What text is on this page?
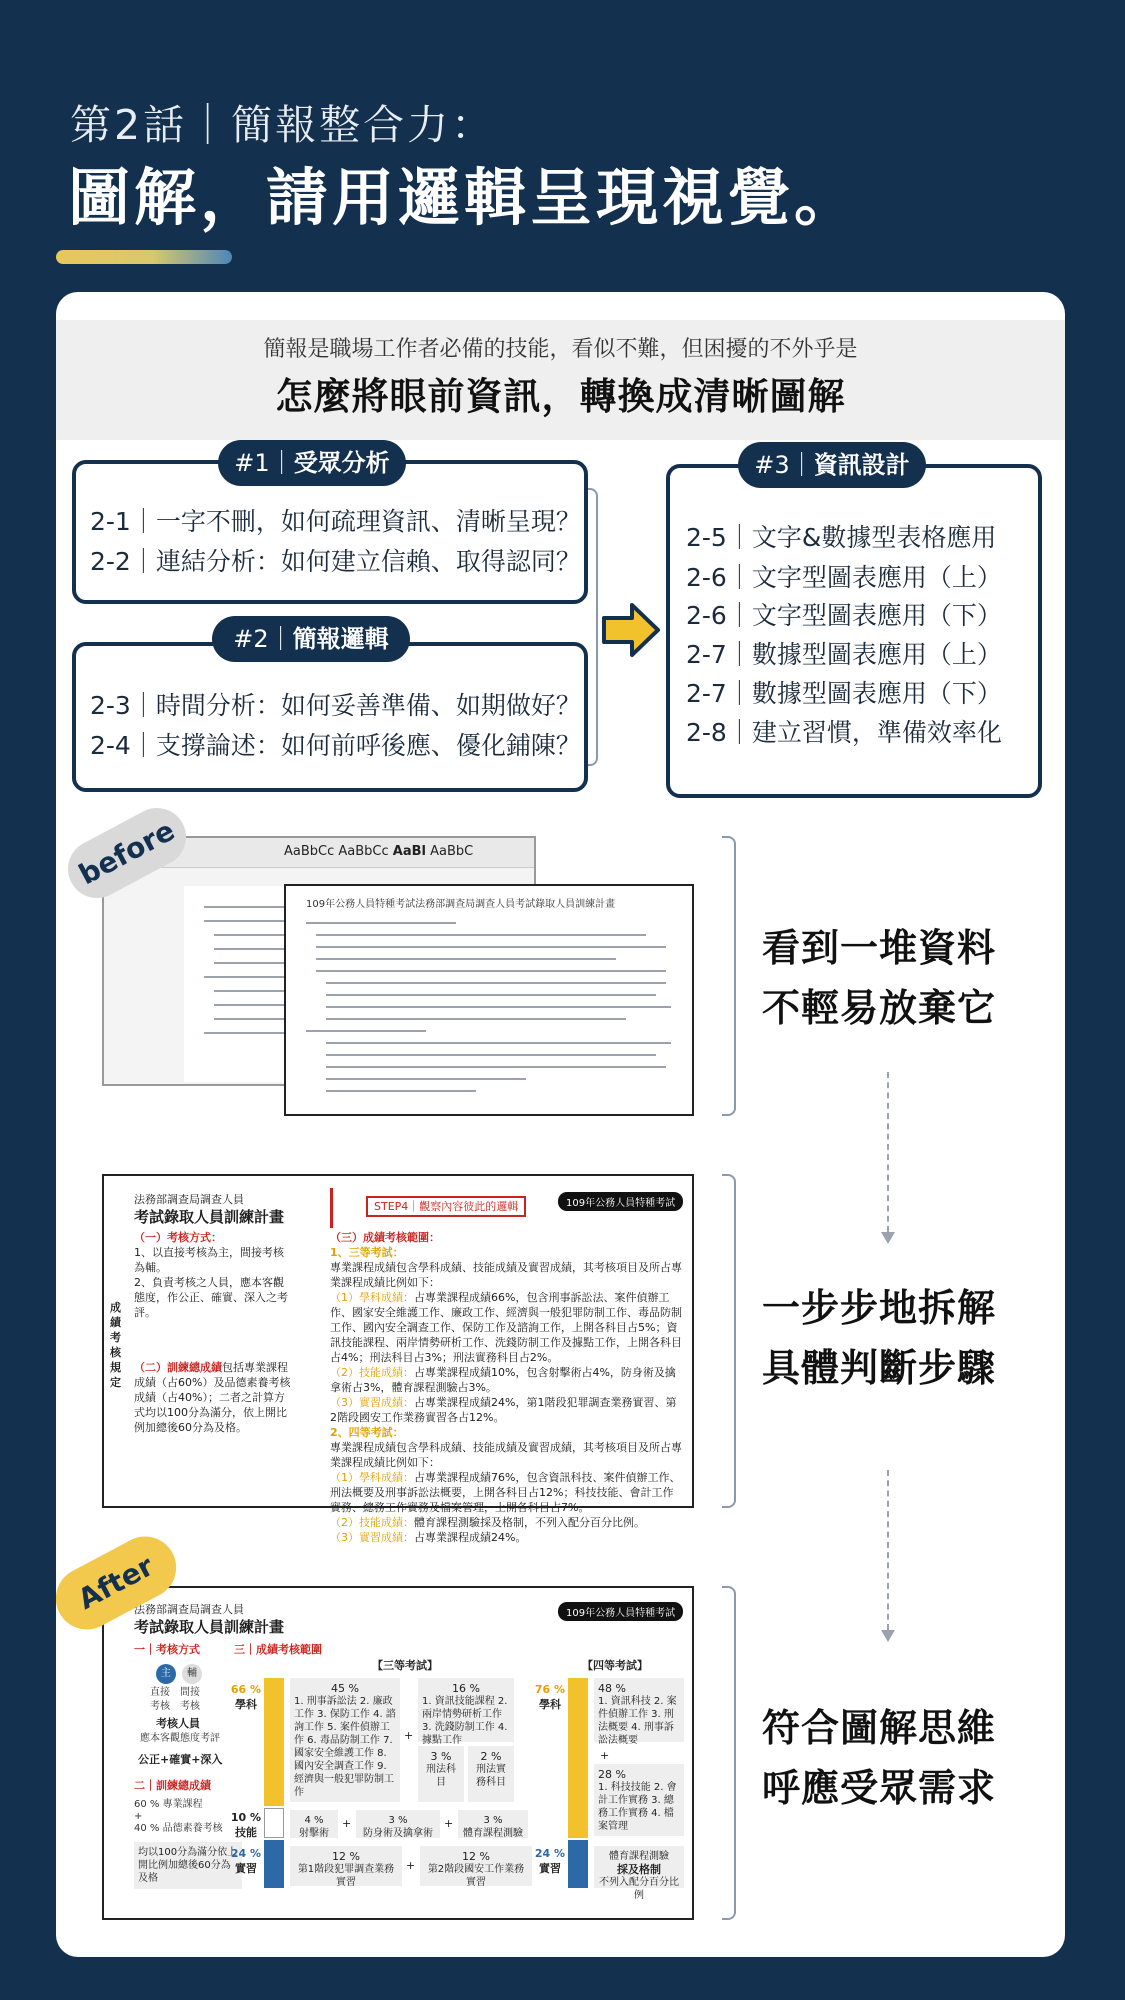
第2話｜簡報整合力：
圖解，請用邏輯呈現視覺。
簡報是職場工作者必備的技能，看似不難，但困擾的不外乎是
怎麼將眼前資訊，轉換成清晰圖解
2-1｜一字不刪，如何疏理資訊、清晰呈現？
2-2｜連結分析：如何建立信賴、取得認同？
#1｜受眾分析
2-3｜時間分析：如何妥善準備、如期做好？
2-4｜支撐論述：如何前呼後應、優化鋪陳？
#2｜簡報邏輯
2-5｜文字&數據型表格應用
2-6｜文字型圖表應用（上）
2-6｜文字型圖表應用（下）
2-7｜數據型圖表應用（上）
2-7｜數據型圖表應用（下）
2-8｜建立習慣，準備效率化
#3｜資訊設計
AaBbCc AaBbCc AaBl AaBbC
109年公務人員特種考試法務部調查局調查人員考試錄取人員訓練計畫
before
看到一堆資料
不輕易放棄它
法務部調查局調查人員
考試錄取人員訓練計畫
STEP4｜觀察內容彼此的邏輯	109年公務人員特種考試
成績考核規定
（一）考核方式：
1、以直接考核為主，間接考核為輔。
2、負責考核之人員，應本客觀態度，作公正、確實、深入之考評。
（二）訓練總成績包括專業課程成績（占60%）及品德素養考核成績（占40%）；二者之計算方式均以100分為滿分，依上開比例加總後60分為及格。
（三）成績考核範圍：
1、三等考試：
專業課程成績包含學科成績、技能成績及實習成績，其考核項目及所占專業課程成績比例如下：
（1）學科成績：占專業課程成績66%，包含刑事訴訟法、案件偵辦工作、國家安全維護工作、廉政工作、經濟與一般犯罪防制工作、毒品防制工作、國內安全調查工作、保防工作及諮詢工作，上開各科目占5%；資訊技能課程、兩岸情勢研析工作、洗錢防制工作及據點工作，上開各科目占4%；刑法科目占3%；刑法實務科目占2%。
（2）技能成績：占專業課程成績10%，包含射擊術占4%，防身術及擒拿術占3%，體育課程測驗占3%。
（3）實習成績：占專業課程成績24%，第1階段犯罪調查業務實習、第2階段國安工作業務實習各占12%。
2、四等考試：
專業課程成績包含學科成績、技能成績及實習成績，其考核項目及所占專業課程成績比例如下：
（1）學科成績：占專業課程成績76%，包含資訊科技、案件偵辦工作、刑法概要及刑事訴訟法概要，上開各科目占12%；科技技能、會計工作實務、總務工作實務及檔案管理，上開各科目占7%。
（2）技能成績：體育課程測驗採及格制，不列入配分百分比例。
（3）實習成績：占專業課程成績24%。
一步步地拆解
具體判斷步驟
法務部調查局調查人員
考試錄取人員訓練計畫
109年公務人員特種考試
一｜考核方式
主	輔
直接考核
間接考核
考核人員
應本客觀態度考評
公正+確實+深入
二｜訓練總成績
60 % 專業課程
+
40 % 品德素養考核
均以100分為滿分依上開比例加總後60分為及格
三｜成績考核範圍
【三等考試】	【四等考試】
66 %
學科
10 %
技能
24 %
實習
45 %
1. 刑事訴訟法 2. 廉政工作 3. 保防工作 4. 諮詢工作 5. 案件偵辦工作 6. 毒品防制工作 7. 國家安全維護工作 8. 國內安全調查工作 9. 經濟與一般犯罪防制工作
+
16 %
1. 資訊技能課程 2. 兩岸情勢研析工作 3. 洗錢防制工作 4. 據點工作
3 %
刑法科目
2 %
刑法實務科目
4 %
射擊術
+	3 %
防身術及擒拿術
+	3 %
體育課程測驗
12 %
第1階段犯罪調查業務實習
+
12 %
第2階段國安工作業務實習
76 %
學科
24 %
實習
48 %
1. 資訊科技 2. 案件偵辦工作 3. 刑法概要 4. 刑事訴訟法概要
+
28 %
1. 科技技能 2. 會計工作實務 3. 總務工作實務 4. 檔案管理
體育課程測驗
採及格制
不列入配分百分比例
After
符合圖解思維
呼應受眾需求
